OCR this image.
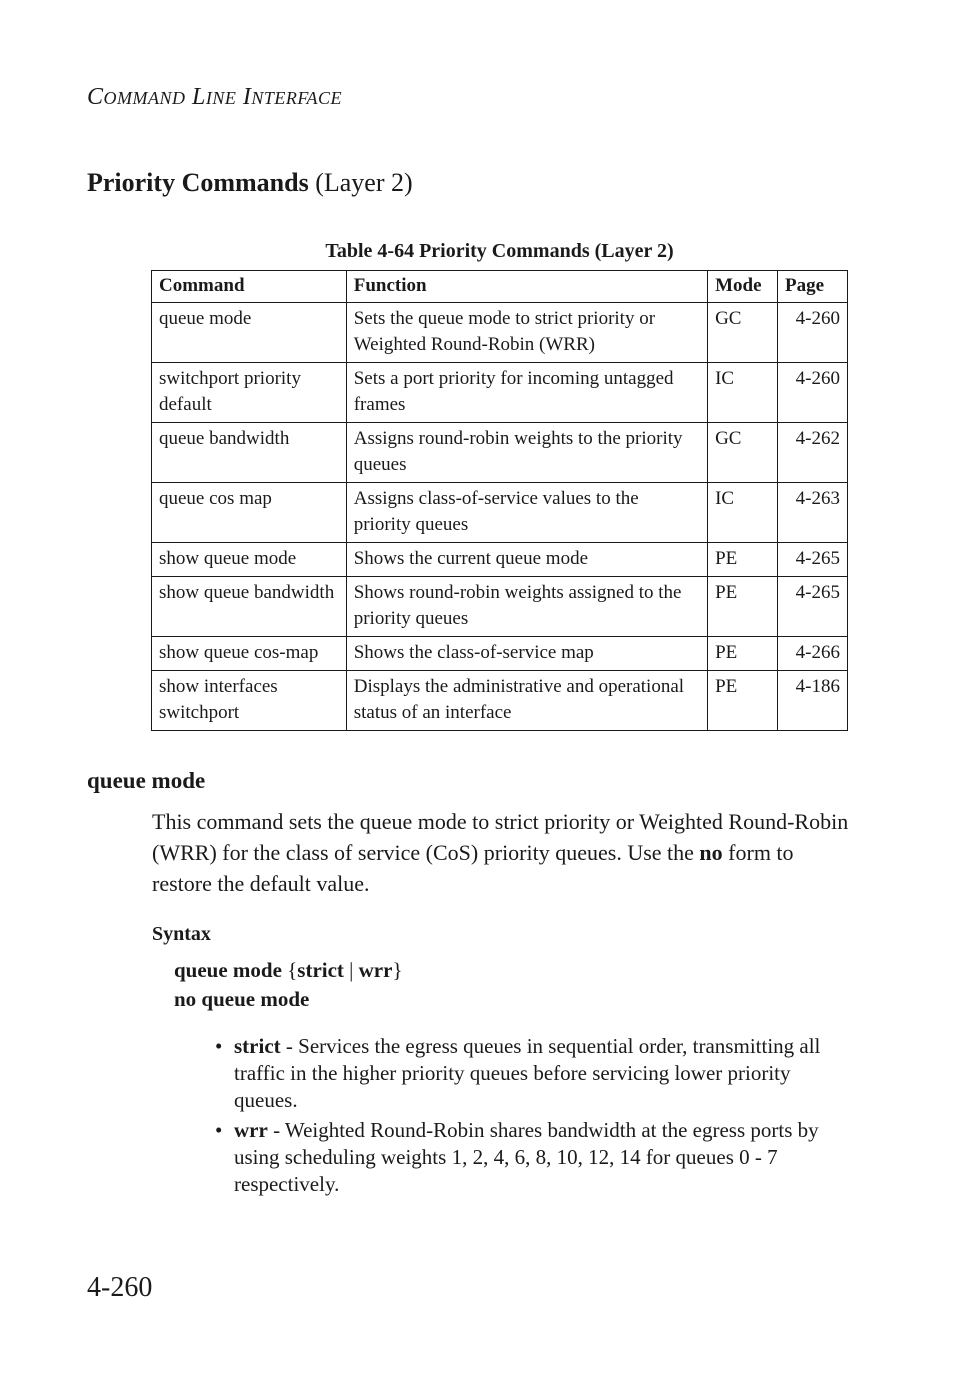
COMMAND LINE INTERFACE
Priority Commands (Layer 2)
Table 4-64 Priority Commands (Layer 2)
Command	Function	Mode	Page
queue mode	Sets the queue mode to strict priority or Weighted Round-Robin (WRR)	GC	4-260
switchport priority default	Sets a port priority for incoming untagged frames	IC	4-260
queue bandwidth	Assigns round-robin weights to the priority queues	GC	4-262
queue cos map	Assigns class-of-service values to the priority queues	IC	4-263
show queue mode	Shows the current queue mode	PE	4-265
show queue bandwidth	Shows round-robin weights assigned to the priority queues	PE	4-265
show queue cos-map	Shows the class-of-service map	PE	4-266
show interfaces switchport	Displays the administrative and operational status of an interface	PE	4-186
queue mode
This command sets the queue mode to strict priority or Weighted Round-Robin (WRR) for the class of service (CoS) priority queues. Use the no form to restore the default value.
Syntax
queue mode {strict | wrr}
no queue mode
• strict - Services the egress queues in sequential order, transmitting all traffic in the higher priority queues before servicing lower priority queues.
• wrr - Weighted Round-Robin shares bandwidth at the egress ports by using scheduling weights 1, 2, 4, 6, 8, 10, 12, 14 for queues 0 - 7 respectively.
4-260
